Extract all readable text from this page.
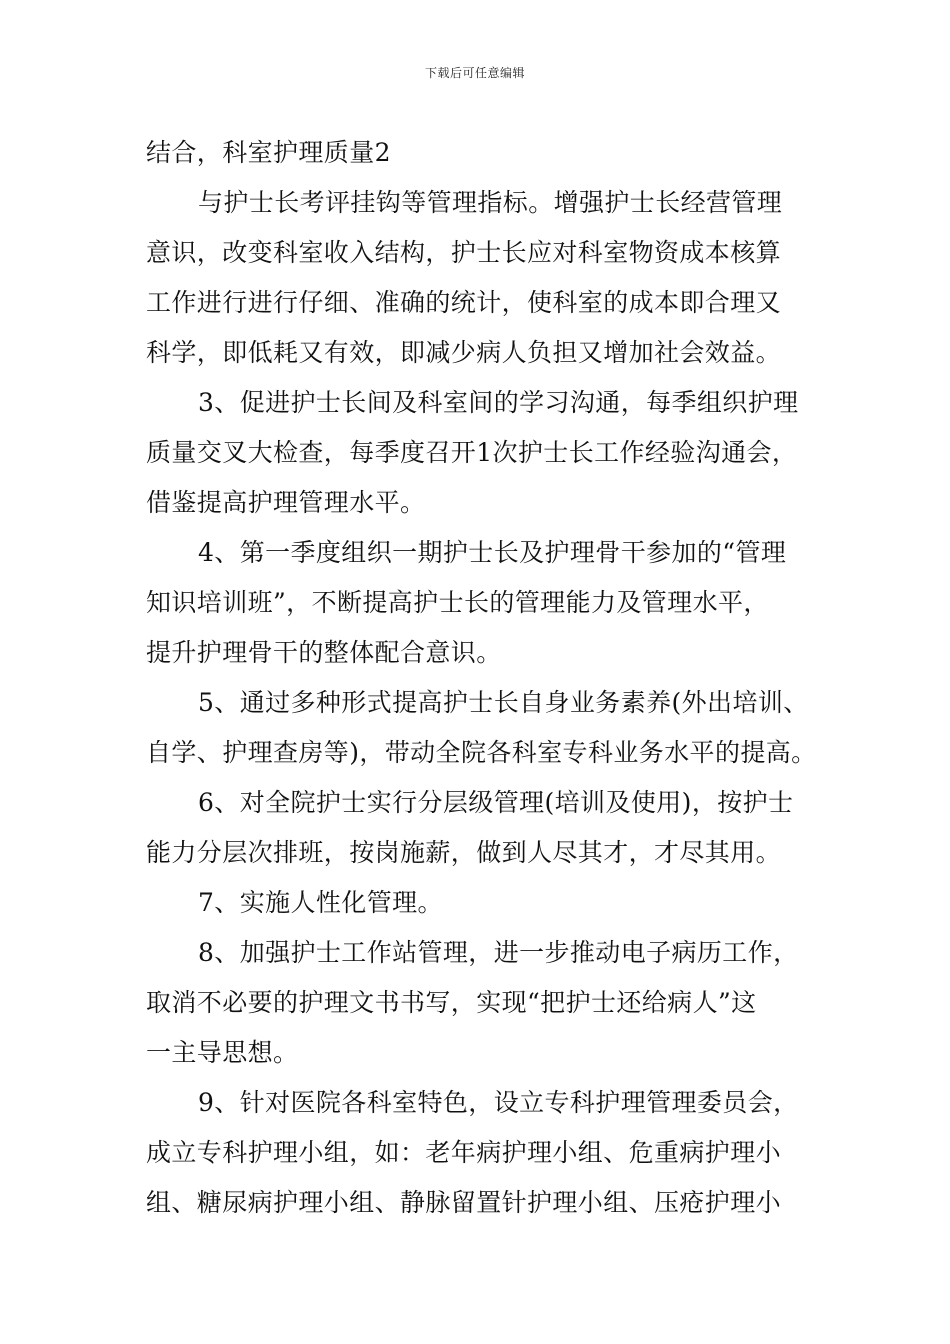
下载后可任意编辑
结合，科室护理质量2
与护士长考评挂钩等管理指标。增强护士长经营管理
意识，改变科室收入结构，护士长应对科室物资成本核算
工作进行进行仔细、准确的统计，使科室的成本即合理又
科学，即低耗又有效，即减少病人负担又增加社会效益。
3、促进护士长间及科室间的学习沟通，每季组织护理
质量交叉大检查，每季度召开1次护士长工作经验沟通会，
借鉴提高护理管理水平。
4、第一季度组织一期护士长及护理骨干参加的“管理
知识培训班”，不断提高护士长的管理能力及管理水平，
提升护理骨干的整体配合意识。
5、通过多种形式提高护士长自身业务素养(外出培训、
自学、护理查房等)，带动全院各科室专科业务水平的提高。
6、对全院护士实行分层级管理(培训及使用)，按护士
能力分层次排班，按岗施薪，做到人尽其才，才尽其用。
7、实施人性化管理。
8、加强护士工作站管理，进一步推动电子病历工作，
取消不必要的护理文书书写，实现“把护士还给病人”这
一主导思想。
9、针对医院各科室特色，设立专科护理管理委员会，
成立专科护理小组，如：老年病护理小组、危重病护理小
组、糖尿病护理小组、静脉留置针护理小组、压疮护理小
